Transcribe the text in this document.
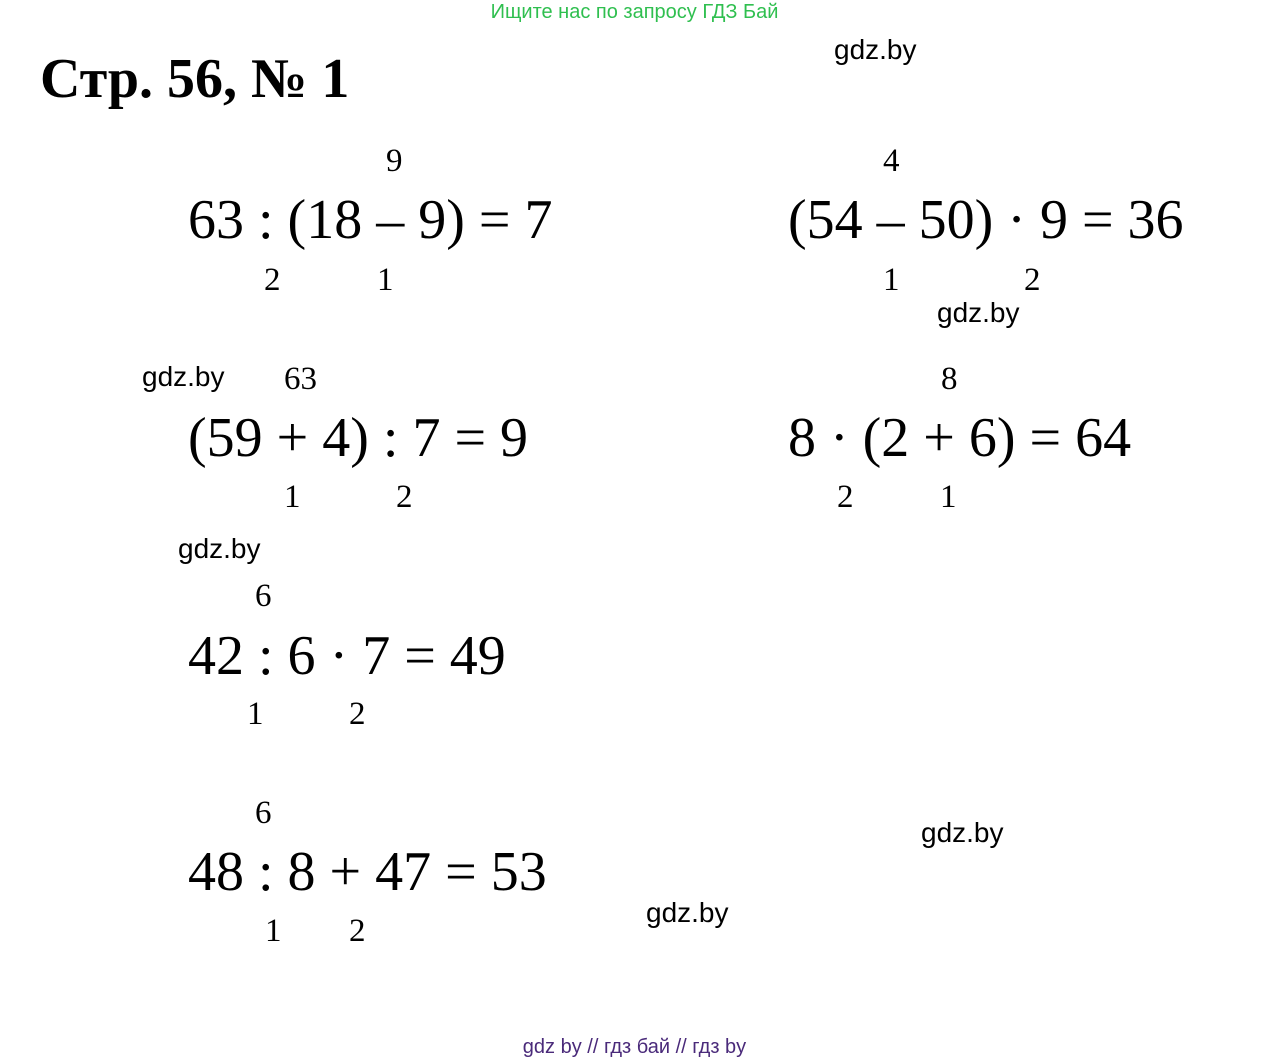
Ищите нас по запросу ГДЗ Бай
Стр. 56, № 1	gdz.by
gdz.by
gdz.by
gdz.by
gdz.by
gdz.by
9
63 : (18 – 9) = 7
2	1
4
(54 – 50) · 9 = 36
1	2
63
(59 + 4) : 7 = 9
1	2
8
8 · (2 + 6) = 64
2	1
6
42 : 6 · 7 = 49
1	2
6
48 : 8 + 47 = 53
1 2
gdz by // гдз бай // гдз by
